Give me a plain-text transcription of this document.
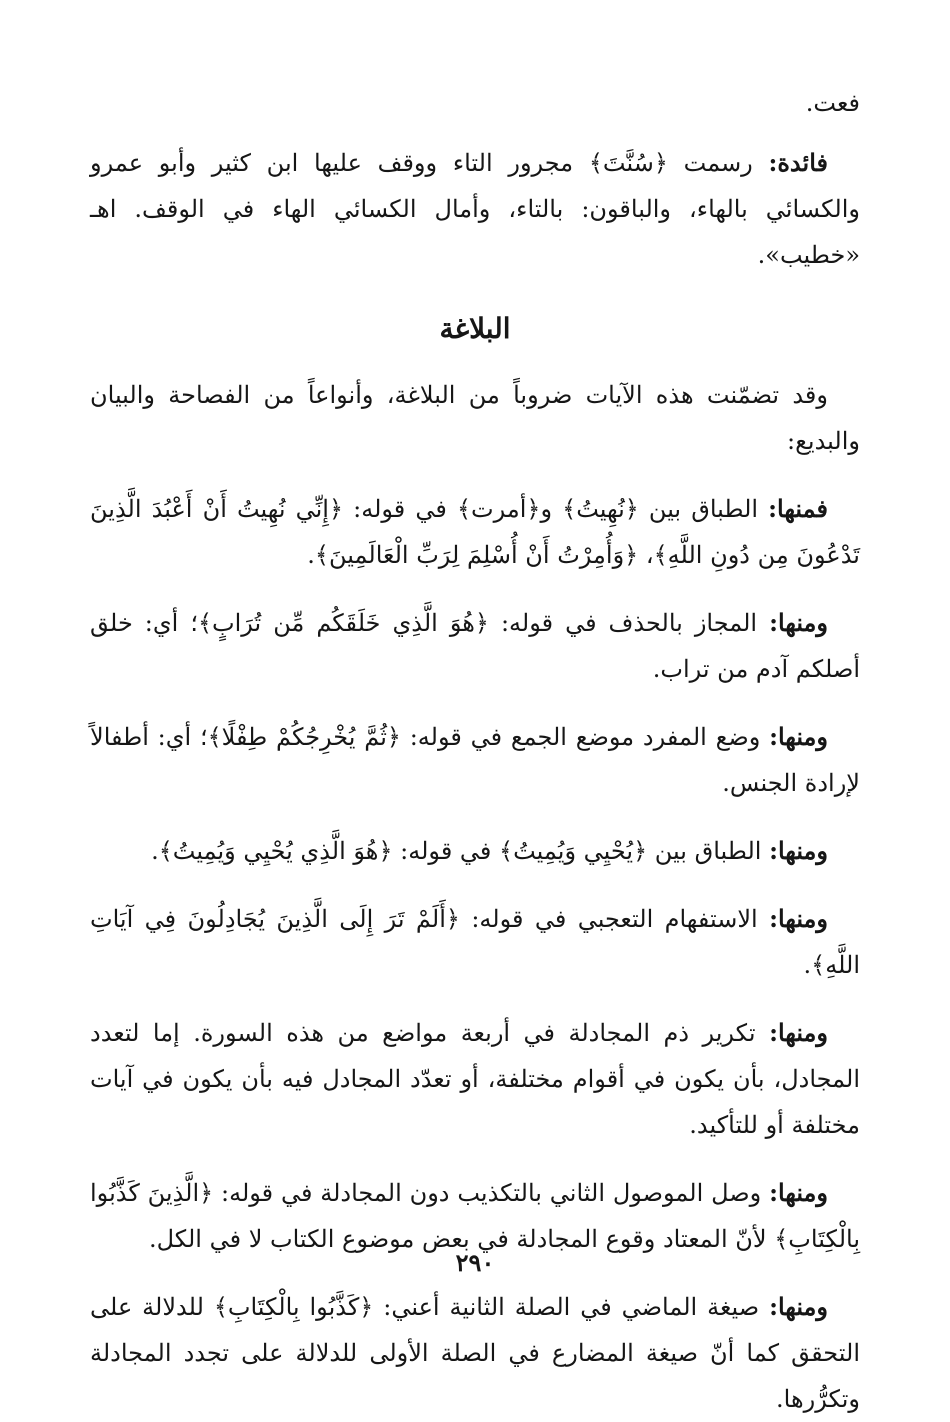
فعت.

فائدة: رسمت ﴿سُنَّتَ﴾ مجرور التاء ووقف عليها ابن كثير وأبو عمرو والكسائي بالهاء، والباقون: بالتاء، وأمال الكسائي الهاء في الوقف. اهـ «خطيب».

البلاغة

وقد تضمّنت هذه الآيات ضروباً من البلاغة، وأنواعاً من الفصاحة والبيان والبديع:

فمنها: الطباق بين ﴿نُهِيتُ﴾ و﴿أمرت﴾ في قوله: ﴿إِنِّي نُهِيتُ أَنْ أَعْبُدَ الَّذِينَ تَدْعُونَ مِن دُونِ اللَّهِ﴾، ﴿وَأُمِرْتُ أَنْ أُسْلِمَ لِرَبِّ الْعَالَمِينَ﴾.

ومنها: المجاز بالحذف في قوله: ﴿هُوَ الَّذِي خَلَقَكُم مِّن تُرَابٍ﴾؛ أي: خلق أصلكم آدم من تراب.

ومنها: وضع المفرد موضع الجمع في قوله: ﴿ثُمَّ يُخْرِجُكُمْ طِفْلًا﴾؛ أي: أطفالاً لإرادة الجنس.

ومنها: الطباق بين ﴿يُحْيِي وَيُمِيتُ﴾ في قوله: ﴿هُوَ الَّذِي يُحْيِي وَيُمِيتُ﴾.

ومنها: الاستفهام التعجبي في قوله: ﴿أَلَمْ تَرَ إِلَى الَّذِينَ يُجَادِلُونَ فِي آيَاتِ اللَّهِ﴾.

ومنها: تكرير ذم المجادلة في أربعة مواضع من هذه السورة. إما لتعدد المجادل، بأن يكون في أقوام مختلفة، أو تعدّد المجادل فيه بأن يكون في آيات مختلفة أو للتأكيد.

ومنها: وصل الموصول الثاني بالتكذيب دون المجادلة في قوله: ﴿الَّذِينَ كَذَّبُوا بِالْكِتَابِ﴾ لأنّ المعتاد وقوع المجادلة في بعض موضوع الكتاب لا في الكل.

ومنها: صيغة الماضي في الصلة الثانية أعني: ﴿كَذَّبُوا بِالْكِتَابِ﴾ للدلالة على التحقق كما أنّ صيغة المضارع في الصلة الأولى للدلالة على تجدد المجادلة وتكرُّرها.

٢٩٠
